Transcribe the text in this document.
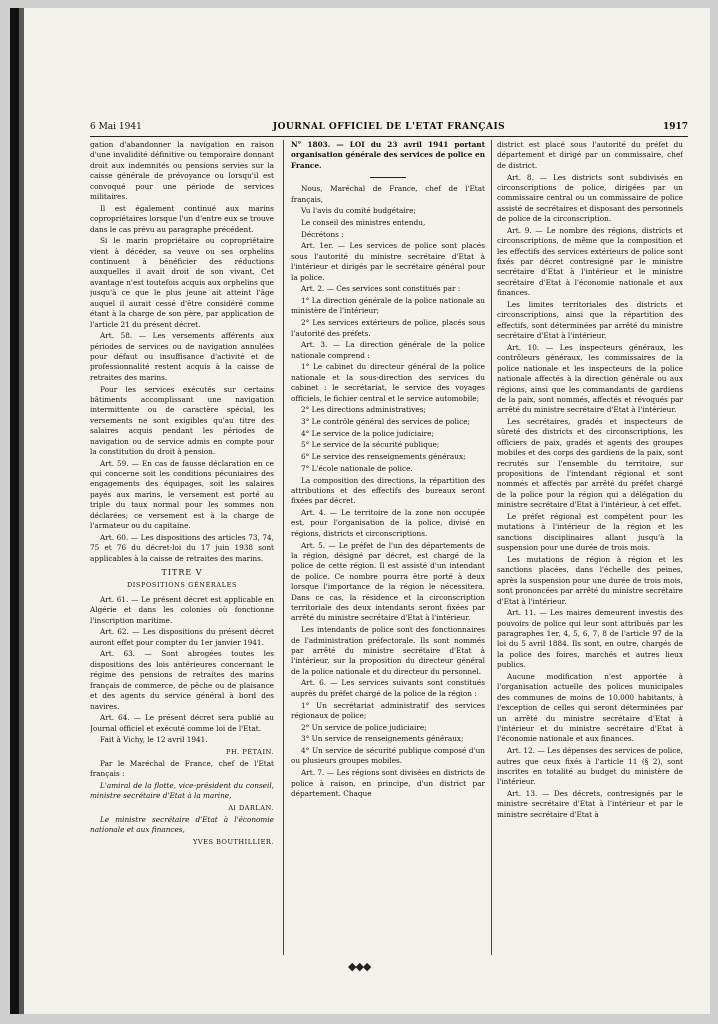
6 Mai 1941	JOURNAL OFFICIEL DE L'ETAT FRANÇAIS	1917

gation d'abandonner la navigation en raison d'une invalidité définitive ou temporaire donnant droit aux indemnités ou pensions servies sur la caisse générale de prévoyance ou lorsqu'il est convoqué pour une période de services militaires.

Il est également continué aux marins copropriétaires lorsque l'un d'entre eux se trouve dans le cas prévu au paragraphe précédent.

Si le marin propriétaire ou copropriétaire vient à décéder, sa veuve ou ses orphelins continuent à bénéficier des réductions auxquelles il avait droit de son vivant. Cet avantage n'est toutefois acquis aux orphelins que jusqu'à ce que le plus jeune ait atteint l'âge auquel il aurait cessé d'être considéré comme étant à la charge de son père, par application de l'article 21 du présent décret.

Art. 58. — Les versements afférents aux périodes de services ou de navigation annulées pour défaut ou insuffisance d'activité et de professionnalité restent acquis à la caisse de retraites des marins.

Pour les services exécutés sur certains bâtiments accomplissant une navigation intermittente ou de caractère spécial, les versements ne sont exigibles qu'au titre des salaires acquis pendant les périodes de navigation ou de service admis en compte pour la constitution du droit à pension.

Art. 59. — En cas de fausse déclaration en ce qui concerne soit les conditions pécuniaires des engagements des équipages, soit les salaires payés aux marins, le versement est porté au triple du taux normal pour les sommes non déclarées; ce versement est à la charge de l'armateur ou du capitaine.

Art. 60. — Les dispositions des articles 73, 74, 75 et 76 du décret-loi du 17 juin 1938 sont applicables à la caisse de retraites des marins.

TITRE V

DISPOSITIONS GÉNÉRALES

Art. 61. — Le présent décret est applicable en Algérie et dans les colonies où fonctionne l'inscription maritime.

Art. 62. — Les dispositions du présent décret auront effet pour compter du 1er janvier 1941.

Art. 63. — Sont abrogées toutes les dispositions des lois antérieures concernant le régime des pensions de retraites des marins français de commerce, de pêche ou de plaisance et des agents du service général à bord des navires.

Art. 64. — Le présent décret sera publié au Journal officiel et exécuté comme loi de l'Etat.

Fait à Vichy, le 12 avril 1941.

PH. PÉTAIN.

Par le Maréchal de France, chef de l'Etat français :

L'amiral de la flotte, vice-président du conseil, ministre secrétaire d'Etat à la marine,

Al DARLAN.

Le ministre secrétaire d'Etat à l'économie nationale et aux finances,

YVES BOUTHILLIER.

N° 1803. — LOI du 23 avril 1941 portant organisation générale des services de police en France.

Nous, Maréchal de France, chef de l'Etat français,

Vu l'avis du comité budgétaire;

Le conseil des ministres entendu,

Décrétons :

Art. 1er. — Les services de police sont placés sous l'autorité du ministre secrétaire d'Etat à l'intérieur et dirigés par le secrétaire général pour la police.

Art. 2. — Ces services sont constitués par :

1° La direction générale de la police nationale au ministère de l'intérieur;

2° Les services extérieurs de police, placés sous l'autorité des préfets.

Art. 3. — La direction générale de la police nationale comprend :

1° Le cabinet du directeur général de la police nationale et la sous-direction des services du cabinet : le secrétariat, le service des voyages officiels, le fichier central et le service automobile;

2° Les directions administratives;

3° Le contrôle général des services de police;

4° Le service de la police judiciaire;

5° Le service de la sécurité publique;

6° Le service des renseignements généraux;

7° L'école nationale de police.

La composition des directions, la répartition des attributions et des effectifs des bureaux seront fixées par décret.

Art. 4. — Le territoire de la zone non occupée est, pour l'organisation de la police, divisé en régions, districts et circonscriptions.

Art. 5. — Le préfet de l'un des départements de la région, désigné par décret, est chargé de la police de cette région. Il est assisté d'un intendant de police. Ce nombre pourra être porté à deux lorsque l'importance de la région le nécessitera. Dans ce cas, la résidence et la circonscription territoriale des deux intendants seront fixées par arrêté du ministre secrétaire d'Etat à l'intérieur.

Les intendants de police sont des fonctionnaires de l'administration préfectorale. Ils sont nommés par arrêté du ministre secrétaire d'Etat à l'intérieur, sur la proposition du directeur général de la police nationale et du directeur du personnel.

Art. 6. — Les services suivants sont constitués auprès du préfet chargé de la police de la région :

1° Un secrétariat administratif des services régionaux de police;

2° Un service de police judiciaire;

3° Un service de renseignements généraux;

4° Un service de sécurité publique composé d'un ou plusieurs groupes mobiles.

Art. 7. — Les régions sont divisées en districts de police à raison, en principe, d'un district par département. Chaque

district est placé sous l'autorité du préfet du département et dirigé par un commissaire, chef de district.

Art. 8. — Les districts sont subdivisés en circonscriptions de police, dirigées par un commissaire central ou un commissaire de police assisté de secrétaires et disposant des personnels de police de la circonscription.

Art. 9. — Le nombre des régions, districts et circonscriptions, de même que la composition et les effectifs des services extérieurs de police sont fixés par décret contresigné par le ministre secrétaire d'Etat à l'intérieur et le ministre secrétaire d'Etat à l'économie nationale et aux finances.

Les limites territoriales des districts et circonscriptions, ainsi que la répartition des effectifs, sont déterminées par arrêté du ministre secrétaire d'Etat à l'intérieur.

Art. 10. — Les inspecteurs généraux, les contrôleurs généraux, les commissaires de la police nationale et les inspecteurs de la police nationale affectés à la direction générale ou aux régions, ainsi que les commandants de gardiens de la paix, sont nommés, affectés et révoqués par arrêté du ministre secrétaire d'Etat à l'intérieur.

Les secrétaires, gradés et inspecteurs de sûreté des districts et des circonscriptions, les officiers de paix, gradés et agents des groupes mobiles et des corps des gardiens de la paix, sont recrutés sur l'ensemble du territoire, sur propositions de l'intendant régional et sont nommés et affectés par arrêté du préfet chargé de la police pour la région qui a délégation du ministre secrétaire d'Etat à l'intérieur, à cet effet.

Le préfet régional est compétent pour les mutations à l'intérieur de la région et les sanctions disciplinaires allant jusqu'à la suspension pour une durée de trois mois.

Les mutations de région à région et les sanctions placées, dans l'échelle des peines, après la suspension pour une durée de trois mois, sont prononcées par arrêté du ministre secrétaire d'Etat à l'intérieur.

Art. 11. — Les maires demeurent investis des pouvoirs de police qui leur sont attribués par les paragraphes 1er, 4, 5, 6, 7, 8 de l'article 97 de la loi du 5 avril 1884. Ils sont, en outre, chargés de la police des foires, marchés et autres lieux publics.

Aucune modification n'est apportée à l'organisation actuelle des polices municipales des communes de moins de 10.000 habitants, à l'exception de celles qui seront déterminées par un arrêté du ministre secrétaire d'Etat à l'intérieur et du ministre secrétaire d'Etat à l'économie nationale et aux finances.

Art. 12. — Les dépenses des services de police, autres que ceux fixés à l'article 11 (§ 2), sont inscrites en totalité au budget du ministère de l'intérieur.

Art. 13. — Des décrets, contresignés par le ministre secrétaire d'Etat à l'intérieur et par le ministre secrétaire d'Etat à

◆◆◆
